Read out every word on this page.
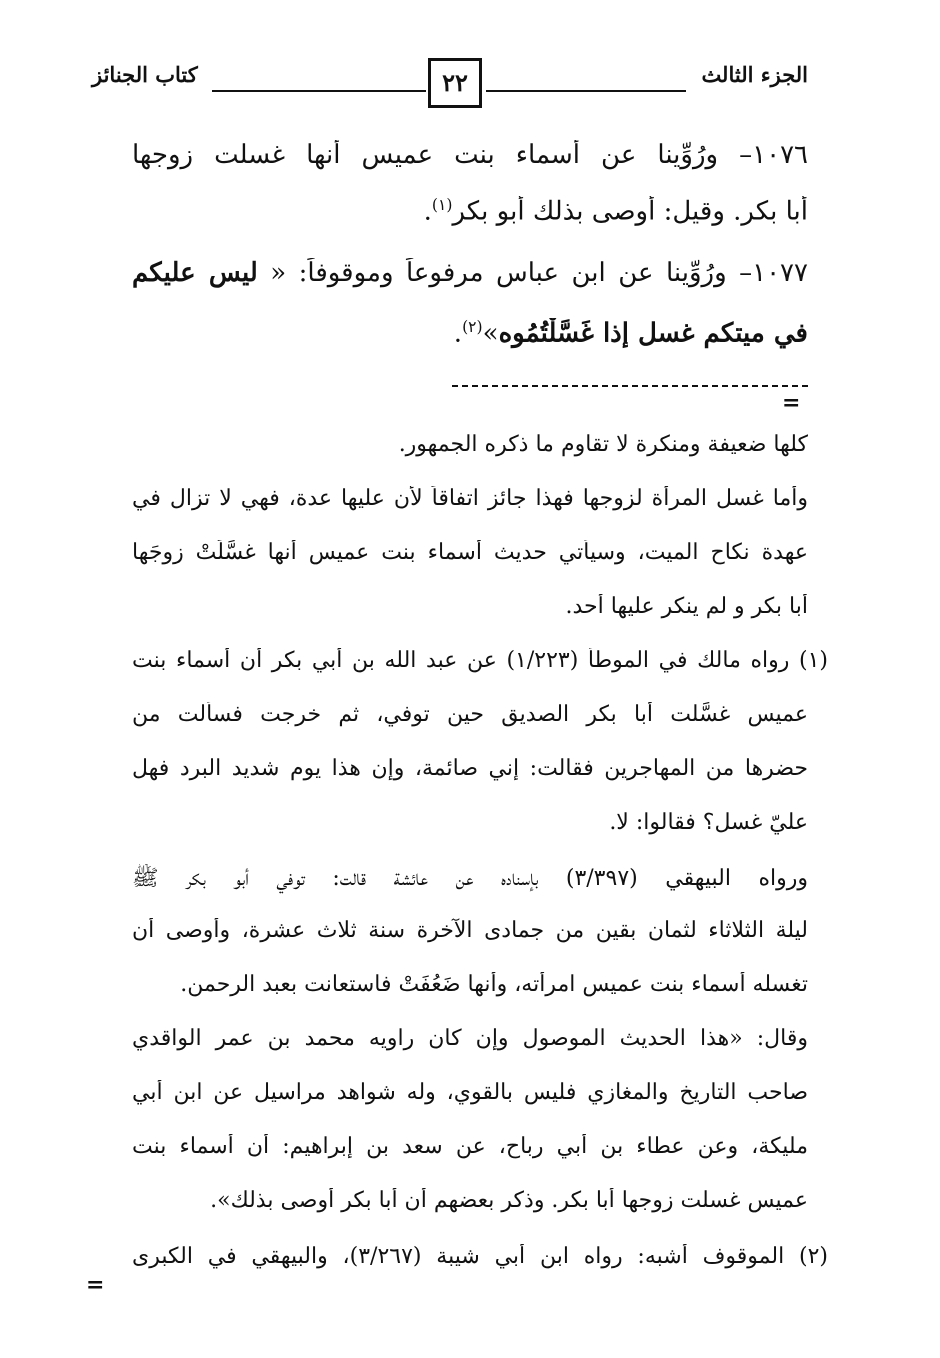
الجزء الثالث
٢٢
كتاب الجنائز
١٠٧٦– ورُوِّينا عن أسماء بنت عميس أنها غسلت زوجها
أبا بكر. وقيل: أوصى بذلك أبو بكر$^{(١)}$.
١٠٧٧– ورُوِّينا عن ابن عباس مرفوعاً وموقوفاً: « ليس عليكم
في ميتكم غسل إذا غَسَّلْتُمُوه»$^{(٢)}$.
=
كلها ضعيفة ومنكرة لا تقاوم ما ذكره الجمهور.
وأما غسل المرأة لزوجها فهذا جائز اتفاقاً لأن عليها عدة، فهي لا تزال في
عهدة نكاح الميت، وسيأتي حديث أسماء بنت عميس أنها غسَّلَتْ زوجَها
أبا بكر و لم ينكر عليها أحد.
(١) رواه مالك في الموطأ (١/٢٢٣) عن عبد الله بن أبي بكر أن أسماء بنت
عميس غسَّلت أبا بكر الصديق حين توفي، ثم خرجت فسألت من
حضرها من المهاجرين فقالت: إني صائمة، وإن هذا يوم شديد البرد فهل
عليّ غسل؟ فقالوا: لا.
ورواه البيهقي (٣/٣٩٧) بإسناده عن عائشة قالت: توفي أبو بكر ﷺ
ليلة الثلاثاء لثمان بقين من جمادى الآخرة سنة ثلاث عشرة، وأوصى أن
تغسله أسماء بنت عميس امرأته، وأنها ضَعُفَتْ فاستعانت بعبد الرحمن.
وقال: «هذا الحديث الموصول وإن كان راويه محمد بن عمر الواقدي
صاحب التاريخ والمغازي فليس بالقوي، وله شواهد مراسيل عن ابن أبي
مليكة، وعن عطاء بن أبي رباح، عن سعد بن إبراهيم: أن أسماء بنت
عميس غسلت زوجها أبا بكر. وذكر بعضهم أن أبا بكر أوصى بذلك».
(٢) الموقوف أشبه: رواه ابن أبي شيبة (٣/٢٦٧)، والبيهقي في الكبرى
=
